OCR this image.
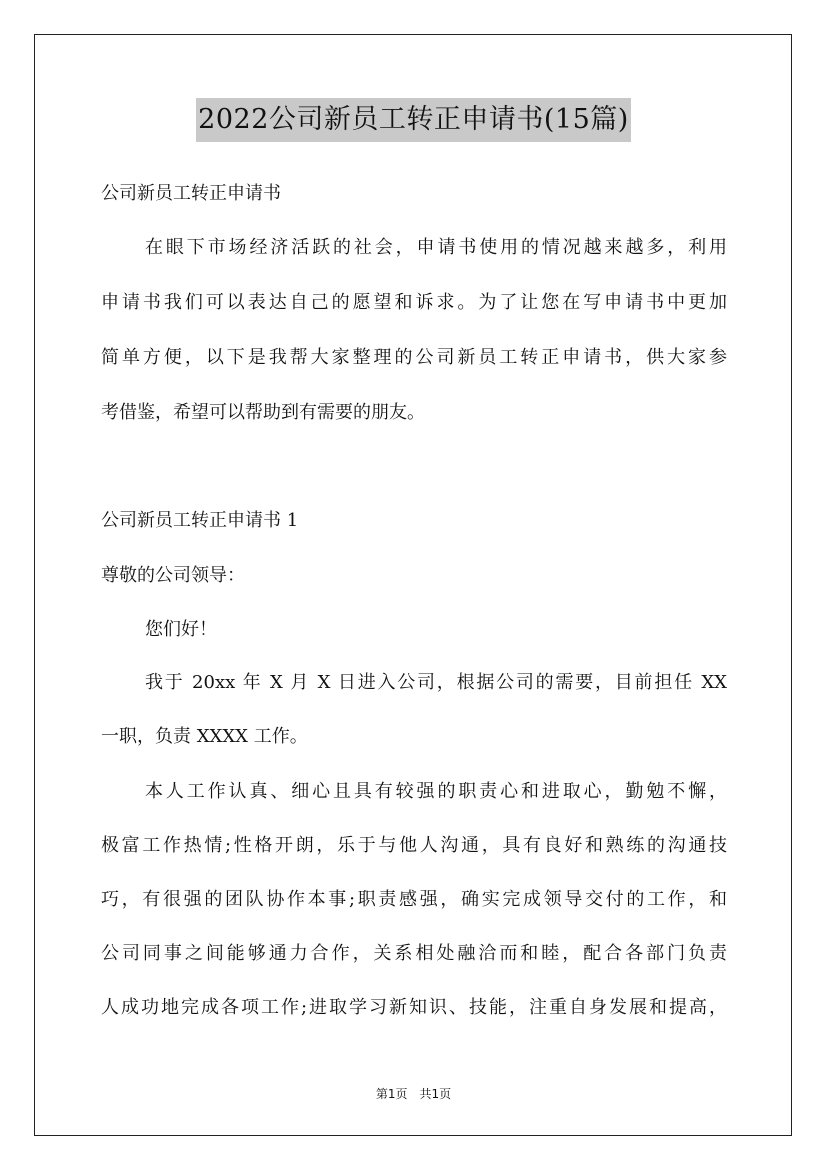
2022公司新员工转正申请书(15篇)
公司新员工转正申请书
在眼下市场经济活跃的社会，申请书使用的情况越来越多，利用
申请书我们可以表达自己的愿望和诉求。为了让您在写申请书中更加
简单方便，以下是我帮大家整理的公司新员工转正申请书，供大家参
考借鉴，希望可以帮助到有需要的朋友。
公司新员工转正申请书 1
尊敬的公司领导：
您们好！
我于 20xx 年 X 月 X 日进入公司，根据公司的需要，目前担任 XX
一职，负责 XXXX 工作。
本人工作认真、细心且具有较强的职责心和进取心，勤勉不懈，
极富工作热情;性格开朗，乐于与他人沟通，具有良好和熟练的沟通技
巧，有很强的团队协作本事;职责感强，确实完成领导交付的工作，和
公司同事之间能够通力合作，关系相处融洽而和睦，配合各部门负责
人成功地完成各项工作;进取学习新知识、技能，注重自身发展和提高，
第1页　共1页
